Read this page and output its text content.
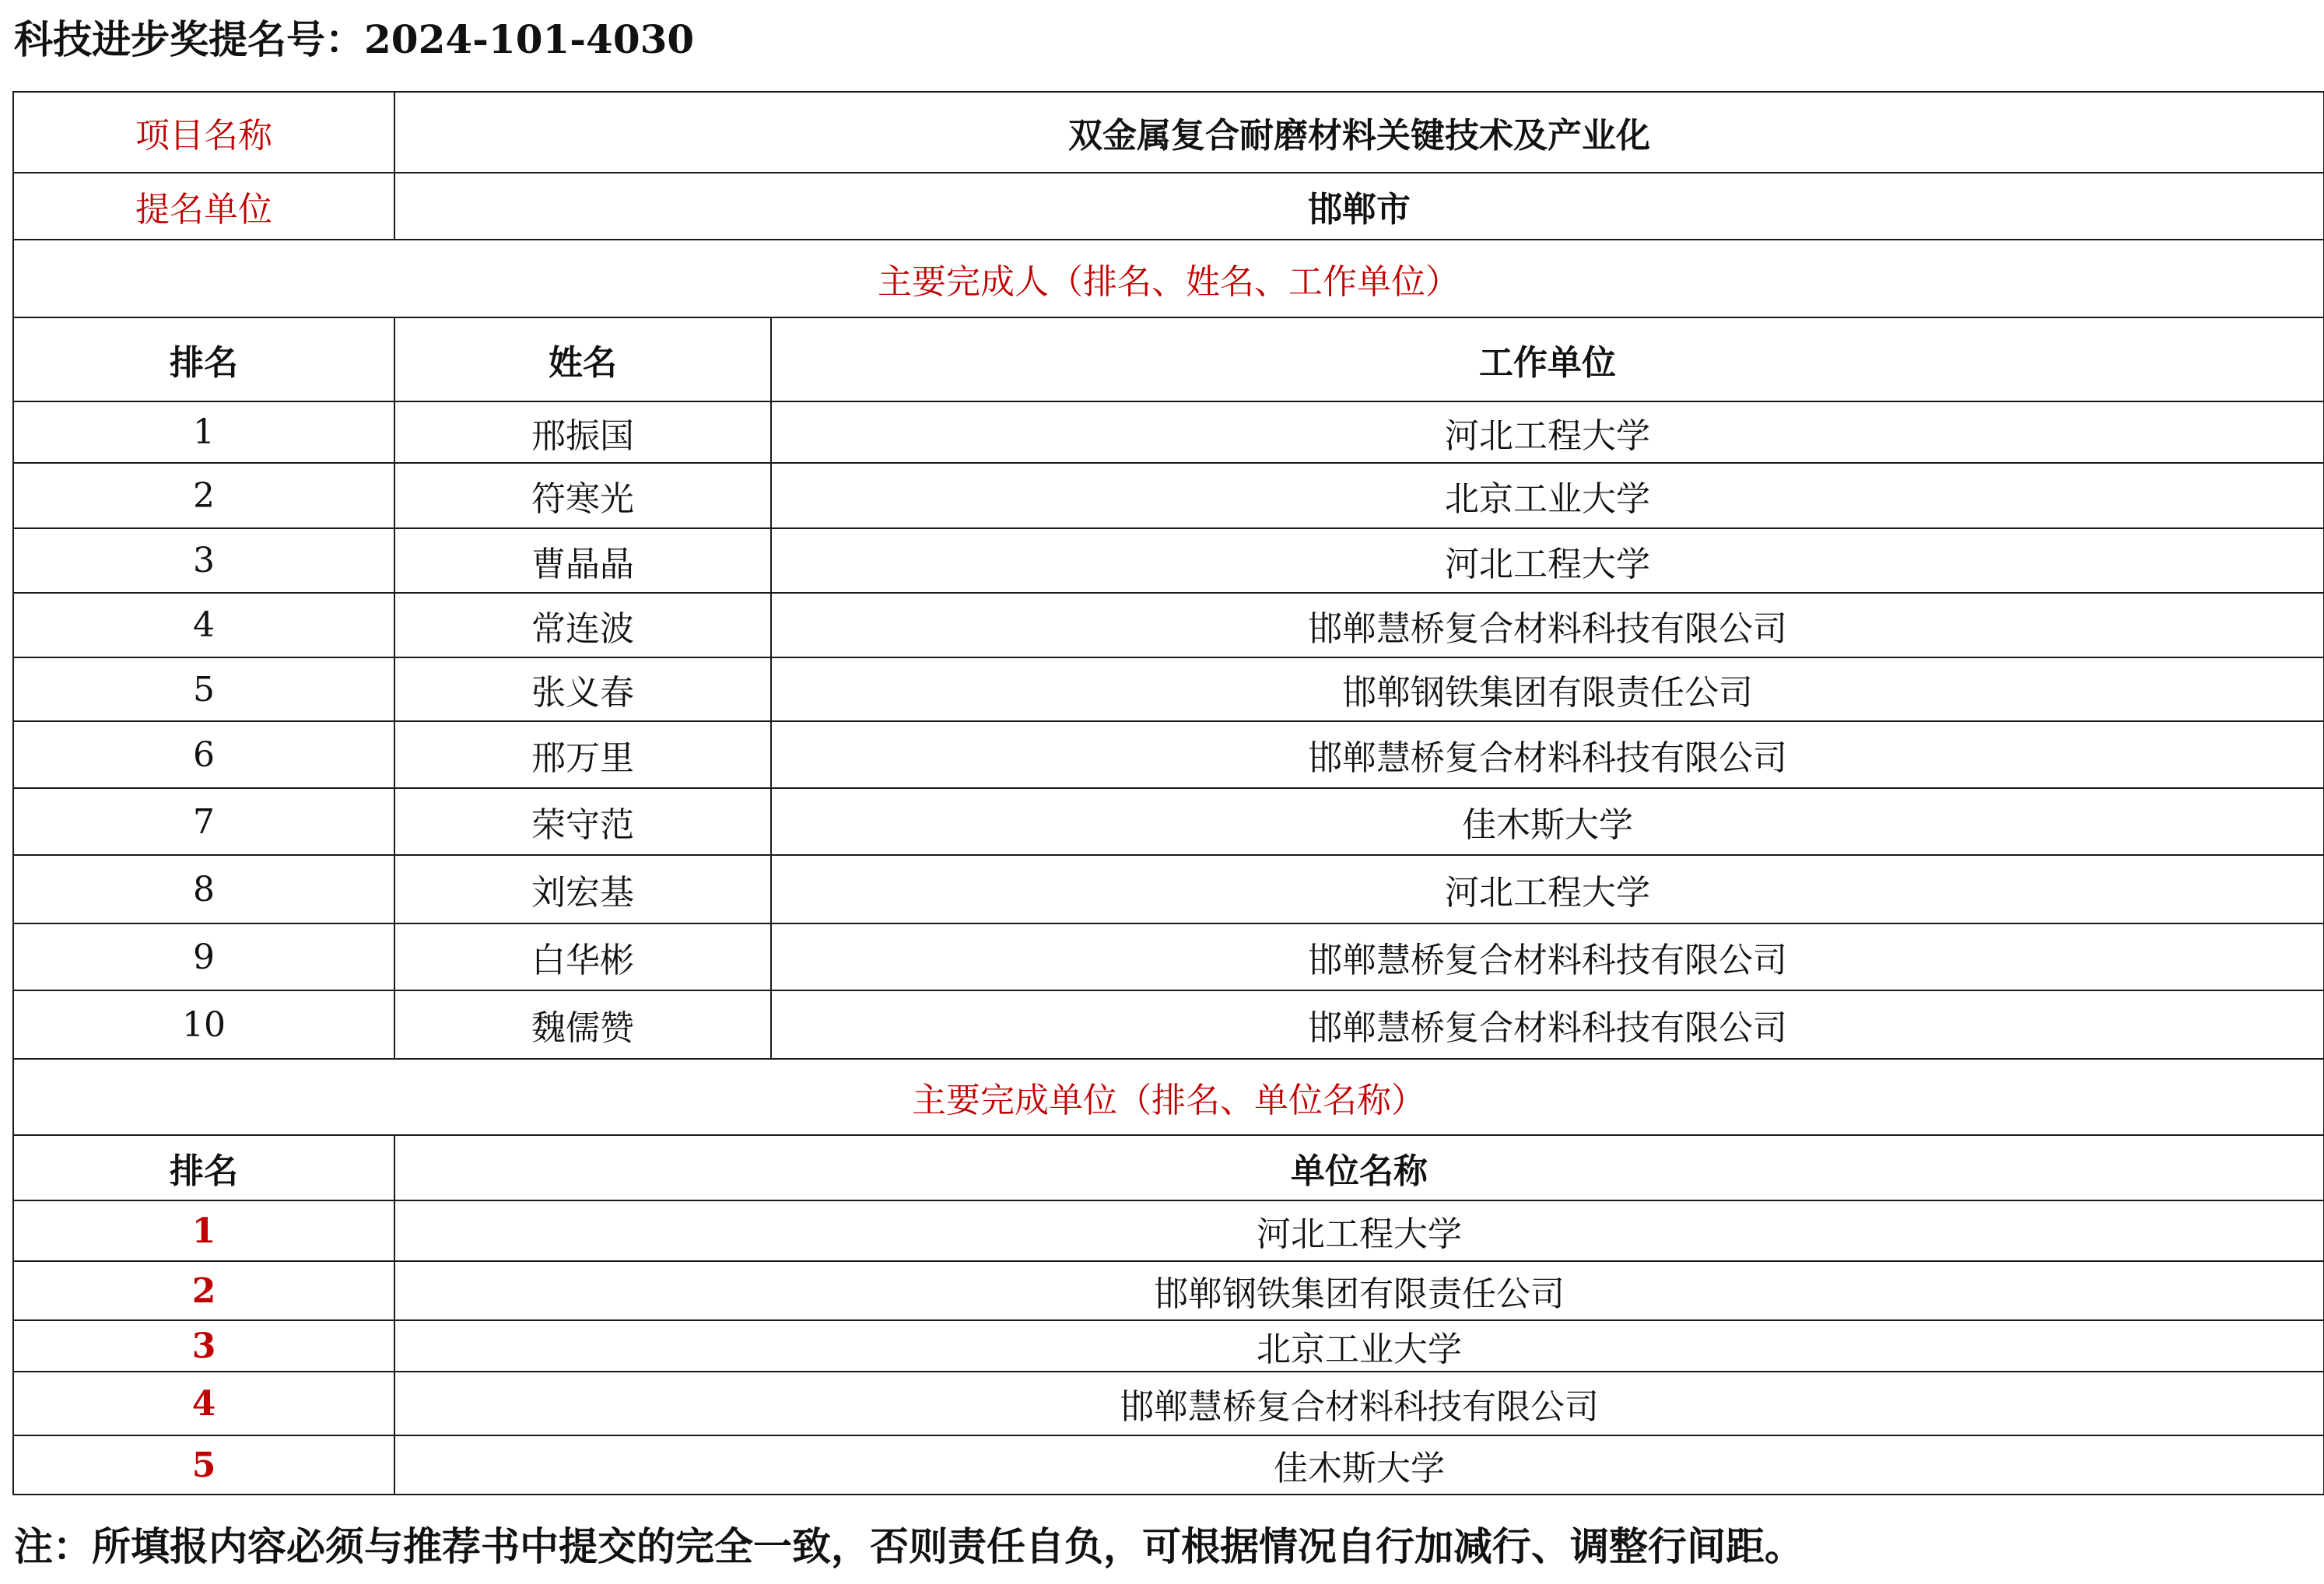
科技进步奖提名号：2024-101-4030
项目名称	双金属复合耐磨材料关键技术及产业化	
提名单位	邯郸市	
主要完成人（排名、姓名、工作单位）		
排名	姓名	工作单位
1	邢振国	河北工程大学
2	符寒光	北京工业大学
3	曹晶晶	河北工程大学
4	常连波	邯郸慧桥复合材料科技有限公司
5	张义春	邯郸钢铁集团有限责任公司
6	邢万里	邯郸慧桥复合材料科技有限公司
7	荣守范	佳木斯大学
8	刘宏基	河北工程大学
9	白华彬	邯郸慧桥复合材料科技有限公司
10	魏儒赞	邯郸慧桥复合材料科技有限公司
主要完成单位（排名、单位名称）		
排名	单位名称	
1	河北工程大学	
2	邯郸钢铁集团有限责任公司	
3	北京工业大学	
4	邯郸慧桥复合材料科技有限公司	
5	佳木斯大学	
注：所填报内容必须与推荐书中提交的完全一致，否则责任自负，可根据情况自行加减行、调整行间距。
